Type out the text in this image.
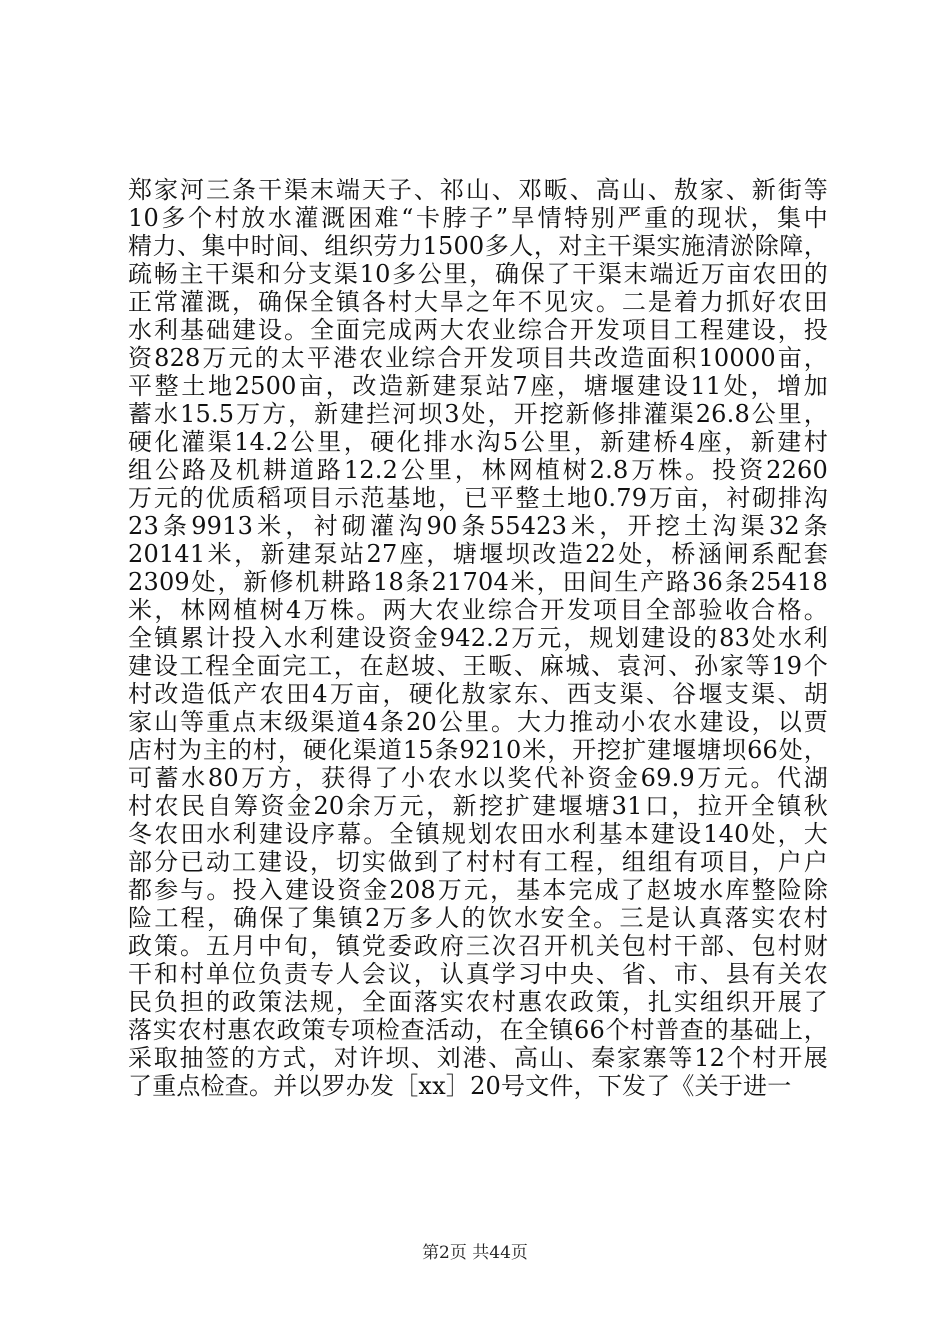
郑家河三条干渠末端天子、祁山、邓畈、高山、敖家、新街等
10多个村放水灌溉困难“卡脖子”旱情特别严重的现状，集中
精力、集中时间、组织劳力1500多人，对主干渠实施清淤除障，
疏畅主干渠和分支渠10多公里，确保了干渠末端近万亩农田的
正常灌溉，确保全镇各村大旱之年不见灾。二是着力抓好农田
水利基础建设。全面完成两大农业综合开发项目工程建设，投
资828万元的太平港农业综合开发项目共改造面积10000亩，
平整土地2500亩，改造新建泵站7座，塘堰建设11处，增加
蓄水15.5万方，新建拦河坝3处，开挖新修排灌渠26.8公里，
硬化灌渠14.2公里，硬化排水沟5公里，新建桥4座，新建村
组公路及机耕道路12.2公里，林网植树2.8万株。投资2260
万元的优质稻项目示范基地，已平整土地0.79万亩，衬砌排沟
23条9913米，衬砌灌沟90条55423米，开挖土沟渠32条
20141米，新建泵站27座，塘堰坝改造22处，桥涵闸系配套
2309处，新修机耕路18条21704米，田间生产路36条25418
米，林网植树4万株。两大农业综合开发项目全部验收合格。
全镇累计投入水利建设资金942.2万元，规划建设的83处水利
建设工程全面完工，在赵坡、王畈、麻城、袁河、孙家等19个
村改造低产农田4万亩，硬化敖家东、西支渠、谷堰支渠、胡
家山等重点末级渠道4条20公里。大力推动小农水建设，以贾
店村为主的村，硬化渠道15条9210米，开挖扩建堰塘坝66处，
可蓄水80万方，获得了小农水以奖代补资金69.9万元。代湖
村农民自筹资金20余万元，新挖扩建堰塘31口，拉开全镇秋
冬农田水利建设序幕。全镇规划农田水利基本建设140处，大
部分已动工建设，切实做到了村村有工程，组组有项目，户户
都参与。投入建设资金208万元，基本完成了赵坡水库整险除
险工程，确保了集镇2万多人的饮水安全。三是认真落实农村
政策。五月中旬，镇党委政府三次召开机关包村干部、包村财
干和村单位负责专人会议，认真学习中央、省、市、县有关农
民负担的政策法规，全面落实农村惠农政策，扎实组织开展了
落实农村惠农政策专项检查活动，在全镇66个村普查的基础上，
采取抽签的方式，对许坝、刘港、高山、秦家寨等12个村开展
了重点检查。并以罗办发［xx］20号文件，下发了《关于进一
第2页 共44页
